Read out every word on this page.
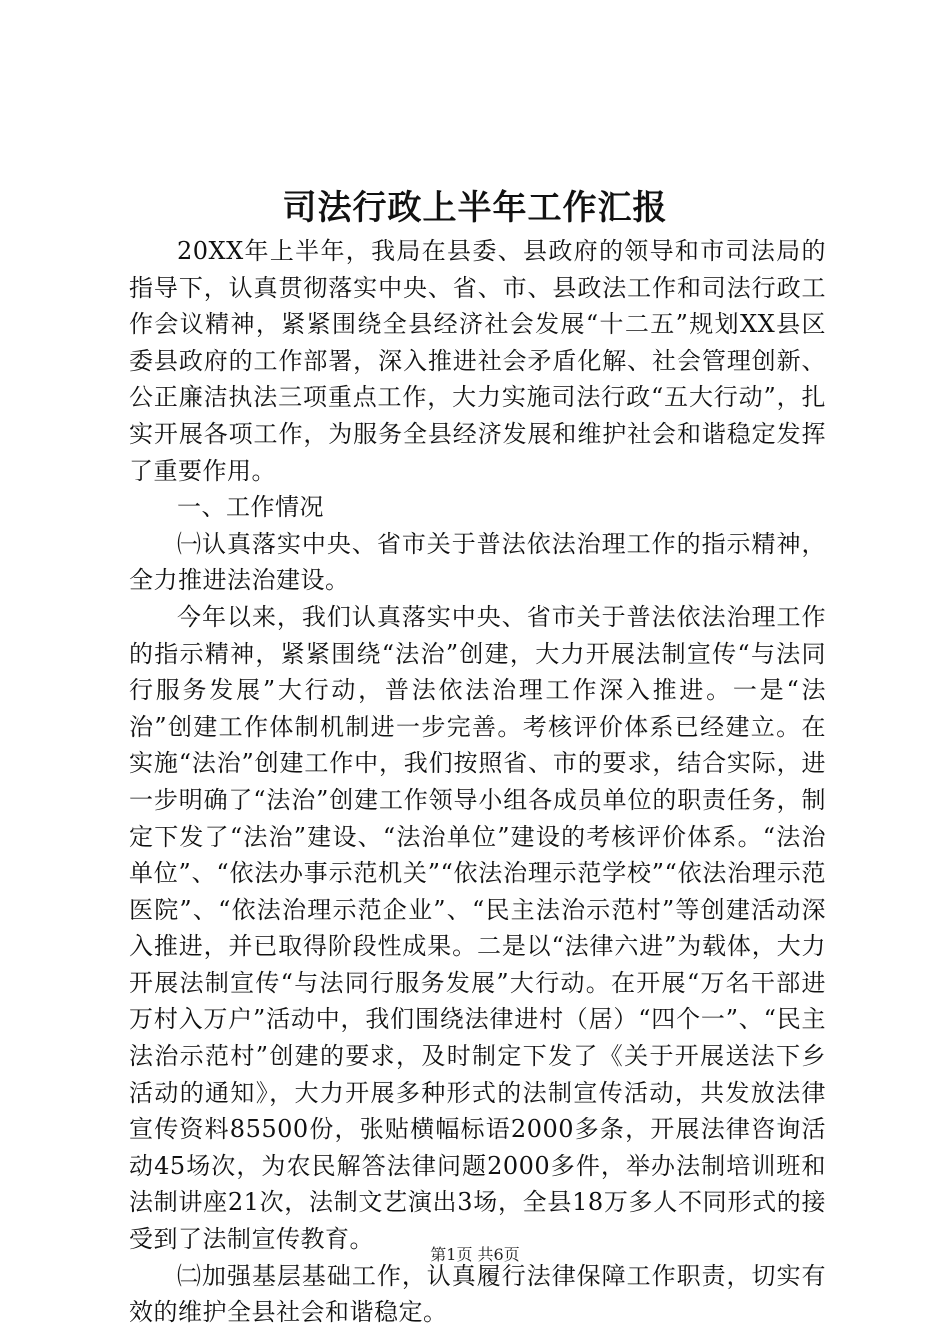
司法行政上半年工作汇报

20XX年上半年，我局在县委、县政府的领导和市司法局的指导下，认真贯彻落实中央、省、市、县政法工作和司法行政工作会议精神，紧紧围绕全县经济社会发展“十二五”规划XX县区委县政府的工作部署，深入推进社会矛盾化解、社会管理创新、公正廉洁执法三项重点工作，大力实施司法行政“五大行动”，扎实开展各项工作，为服务全县经济发展和维护社会和谐稳定发挥了重要作用。

一、工作情况

㈠认真落实中央、省市关于普法依法治理工作的指示精神，全力推进法治建设。

今年以来，我们认真落实中央、省市关于普法依法治理工作的指示精神，紧紧围绕“法治”创建，大力开展法制宣传“与法同行服务发展”大行动，普法依法治理工作深入推进。一是“法治”创建工作体制机制进一步完善。考核评价体系已经建立。在实施“法治”创建工作中，我们按照省、市的要求，结合实际，进一步明确了“法治”创建工作领导小组各成员单位的职责任务，制定下发了“法治”建设、“法治单位”建设的考核评价体系。“法治单位”、“依法办事示范机关”“依法治理示范学校”“依法治理示范医院”、“依法治理示范企业”、“民主法治示范村”等创建活动深入推进，并已取得阶段性成果。二是以“法律六进”为载体，大力开展法制宣传“与法同行服务发展”大行动。在开展“万名干部进万村入万户”活动中，我们围绕法律进村（居）“四个一”、“民主法治示范村”创建的要求，及时制定下发了《关于开展送法下乡活动的通知》，大力开展多种形式的法制宣传活动，共发放法律宣传资料85500份，张贴横幅标语2000多条，开展法律咨询活动45场次，为农民解答法律问题2000多件，举办法制培训班和法制讲座21次，法制文艺演出3场，全县18万多人不同形式的接受到了法制宣传教育。

㈡加强基层基础工作，认真履行法律保障工作职责，切实有效的维护全县社会和谐稳定。

第1页 共6页
